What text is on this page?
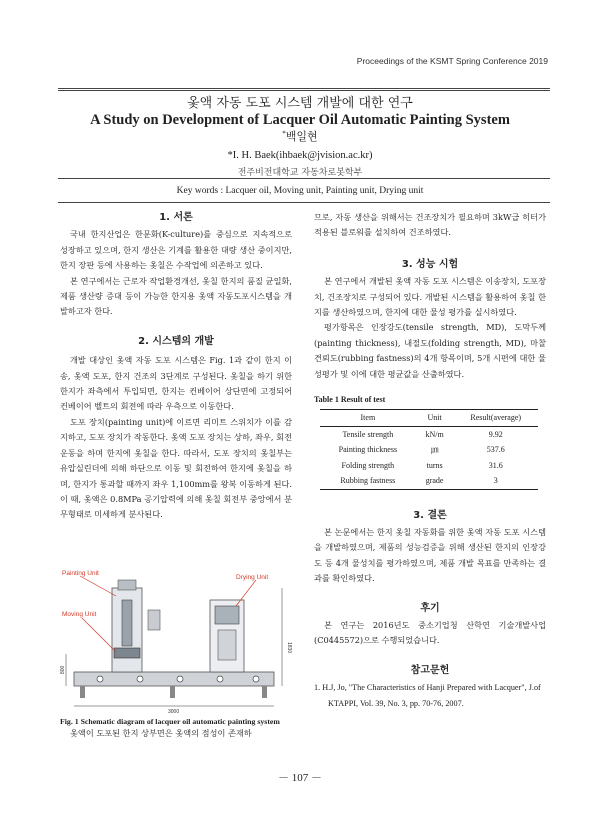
Proceedings of the KSMT Spring Conference 2019
옻액 자동 도포 시스템 개발에 대한 연구
A Study on Development of Lacquer Oil Automatic Painting System
*백일현
*I. H. Baek(ihbaek@jvision.ac.kr)
전주비전대학교 자동차로봇학부
Key words : Lacquer oil, Moving unit, Painting unit, Drying unit
1. 서론

국내 한지산업은 한문화(K-culture)를 중심으로 지속적으로 성장하고 있으며, 한지 생산은 기계를 활용한 대량 생산 중이지만, 한지 장판 등에 사용하는 옻칠은 수작업에 의존하고 있다.

본 연구에서는 근로자 작업환경개선, 옻칠 한지의 품질 균일화, 제품 생산량 증대 등이 가능한 한지용 옻액 자동도포시스템을 개발하고자 한다.

2. 시스템의 개발

개발 대상인 옻액 자동 도포 시스템은 Fig. 1과 같이 한지 이송, 옻액 도포, 한지 건조의 3단계로 구성된다. 옻칠을 하기 위한 한지가 좌측에서 투입되면, 한지는 컨베이어 상단면에 고정되어 컨베이어 벨트의 회전에 따라 우측으로 이동한다.

도포 장치(painting unit)에 이르면 리미트 스위치가 이를 감지하고, 도포 장치가 작동한다. 옻액 도포 장치는 상하, 좌우, 회전운동을 하며 한지에 옻칠을 한다. 따라서, 도포 장치의 옻칠부는 유압실린더에 의해 하단으로 이동 및 회전하여 한지에 옻칠을 하며, 한지가 통과할 때까지 좌우 1,100mm를 왕복 이동하게 된다. 이 때, 옻액은 0.8MPa 공기압력에 의해 옻칠 회전부 중앙에서 분무형태로 미세하게 분사된다.

Painting Unit
Drying Unit
Moving Unit
3000
1830
800
Fig. 1 Schematic diagram of lacquer oil automatic painting system

옻액이 도포된 한지 상부면은 옻액의 점성이 존재하

므로, 자동 생산을 위해서는 건조장치가 필요하며 3kW급 히터가 적용된 블로워를 설치하여 건조하였다.

3. 성능 시험

본 연구에서 개발된 옻액 자동 도포 시스템은 이송장치, 도포장치, 건조장치로 구성되어 있다. 개발된 시스템을 활용하여 옻칠 한지를 생산하였으며, 한지에 대한 물성 평가를 실시하였다.

평가항목은 인장강도(tensile strength, MD), 도막두께(painting thickness), 내절도(folding strength, MD), 마찰견뢰도(rubbing fastness)의 4개 항목이며, 5개 시편에 대한 물성평가 및 이에 대한 평균값을 산출하였다.

Table 1 Result of test
Item	Unit	Result(average)
Tensile strength	kN/m	9.92
Painting thickness	㎛	537.6
Folding strength	turns	31.6
Rubbing fastness	grade	3
3. 결론

본 논문에서는 한지 옻칠 자동화를 위한 옻액 자동 도포 시스템을 개발하였으며, 제품의 성능검증을 위해 생산된 한지의 인장강도 등 4개 물성치를 평가하였으며, 제품 개발 목표를 만족하는 결과를 확인하였다.

후기

본 연구는 2016년도 중소기업청 산학연 기술개발사업(C0445572)으로 수행되었습니다.

참고문헌
1. H.J, Jo, "The Characteristics of Hanji Prepared with Lacquer", J.of KTAPPI, Vol. 39, No. 3, pp. 70-76, 2007.
－ 107 －
